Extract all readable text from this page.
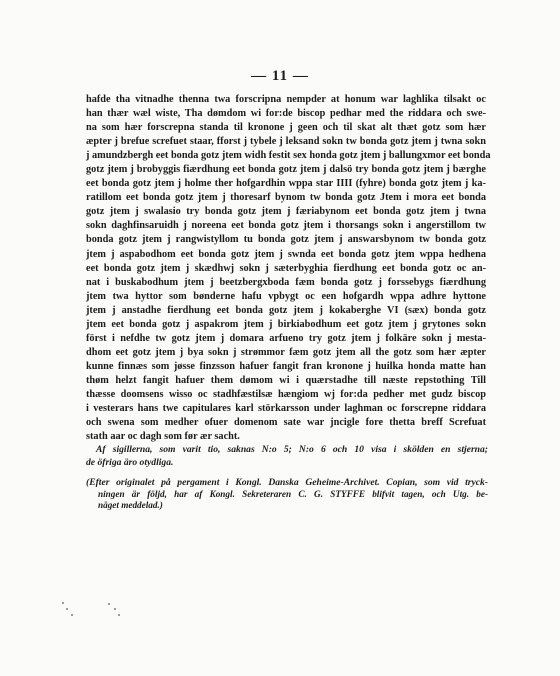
— 11 —
hafde tha vitnadhe thenna twa forscripna nempder at honum war laghlika tilsakt oc
han thær wæl wiste, Tha dømdom wi for:de biscop pedhar med the riddara och swe-
na som hær forscrepna standa til kronone j geen och til skat alt thæt gotz som hær
æpter j brefue screfuet staar, fforst j tybele j leksand sokn tw bonda gotz jtem j twna sokn
j amundzbergh eet bonda gotz jtem widh festit sex honda gotz jtem j ballungxmor eet bonda
gotz jtem j brobyggis fiærdhung eet bonda gotz jtem j dalsö try bonda gotz jtem j bærghe
eet bonda gotz jtem j holme ther hofgardhin wppa star IIII (fyhre) bonda gotz jtem j ka-
ratillom eet bonda gotz jtem j thoresarf bynom tw bonda gotz Jtem i mora eet bonda
gotz jtem j swalasio try bonda gotz jtem j færiabynom eet bonda gotz jtem j twna
sokn daghfinsaruidh j noreena eet bonda gotz jtem i thorsangs sokn i angerstillom tw
bonda gotz jtem j rangwistyllom tu bonda gotz jtem j answarsbynom tw bonda gotz
jtem j aspabodhom eet bonda gotz jtem j swnda eet bonda gotz jtem wppa hedhena
eet bonda gotz jtem j skædhwj sokn j sæterbyghia fierdhung eet bonda gotz oc an-
nat i buskabodhum jtem j beetzbergxboda fæm bonda gotz j forssebygs fiærdhung
jtem twa hyttor som bønderne hafu vpbygt oc een hofgardh wppa adhre hyttone
jtem j anstadhe fierdhung eet bonda gotz jtem j kokaberghe VI (sæx) bonda gotz
jtem eet bonda gotz j aspakrom jtem j birkiabodhum eet gotz jtem j grytones sokn
först i nefdhe tw gotz jtem j domara arfueno try gotz jtem j folkäre sokn j mesta-
dhom eet gotz jtem j bya sokn j strømmor fæm gotz jtem all the gotz som hær æpter
kunne finnæs som jøsse finzsson hafuer fangit fran kronone j huilka honda matte han
thøm helzt fangit hafuer them dømom wi i quærstadhe till næste repstothing Till
thæsse doomsens wisso oc stadhfæstilsæ hængiom wj for:da pedher met gudz biscop
i vesterars hans twe capitulares karl störkarsson under laghman oc forscrepne riddara
och swena som medher ofuer domenom sate war jncigle fore thetta breff Screfuat
stath aar oc dagh som før ær sacht.
Af sigillerna, som varit tio, saknas N:o 5; N:o 6 och 10 visa i skölden en stjerna;
de öfriga äro otydliga.
(Efter originalet på pergament i Kongl. Danska Geheime-Archivet. Copian, som vid tryck-
ningen är följd, har af Kongl. Sekreteraren C. G. STYFFE blifvit tagen, och Utg. be-
näget meddelad.)
